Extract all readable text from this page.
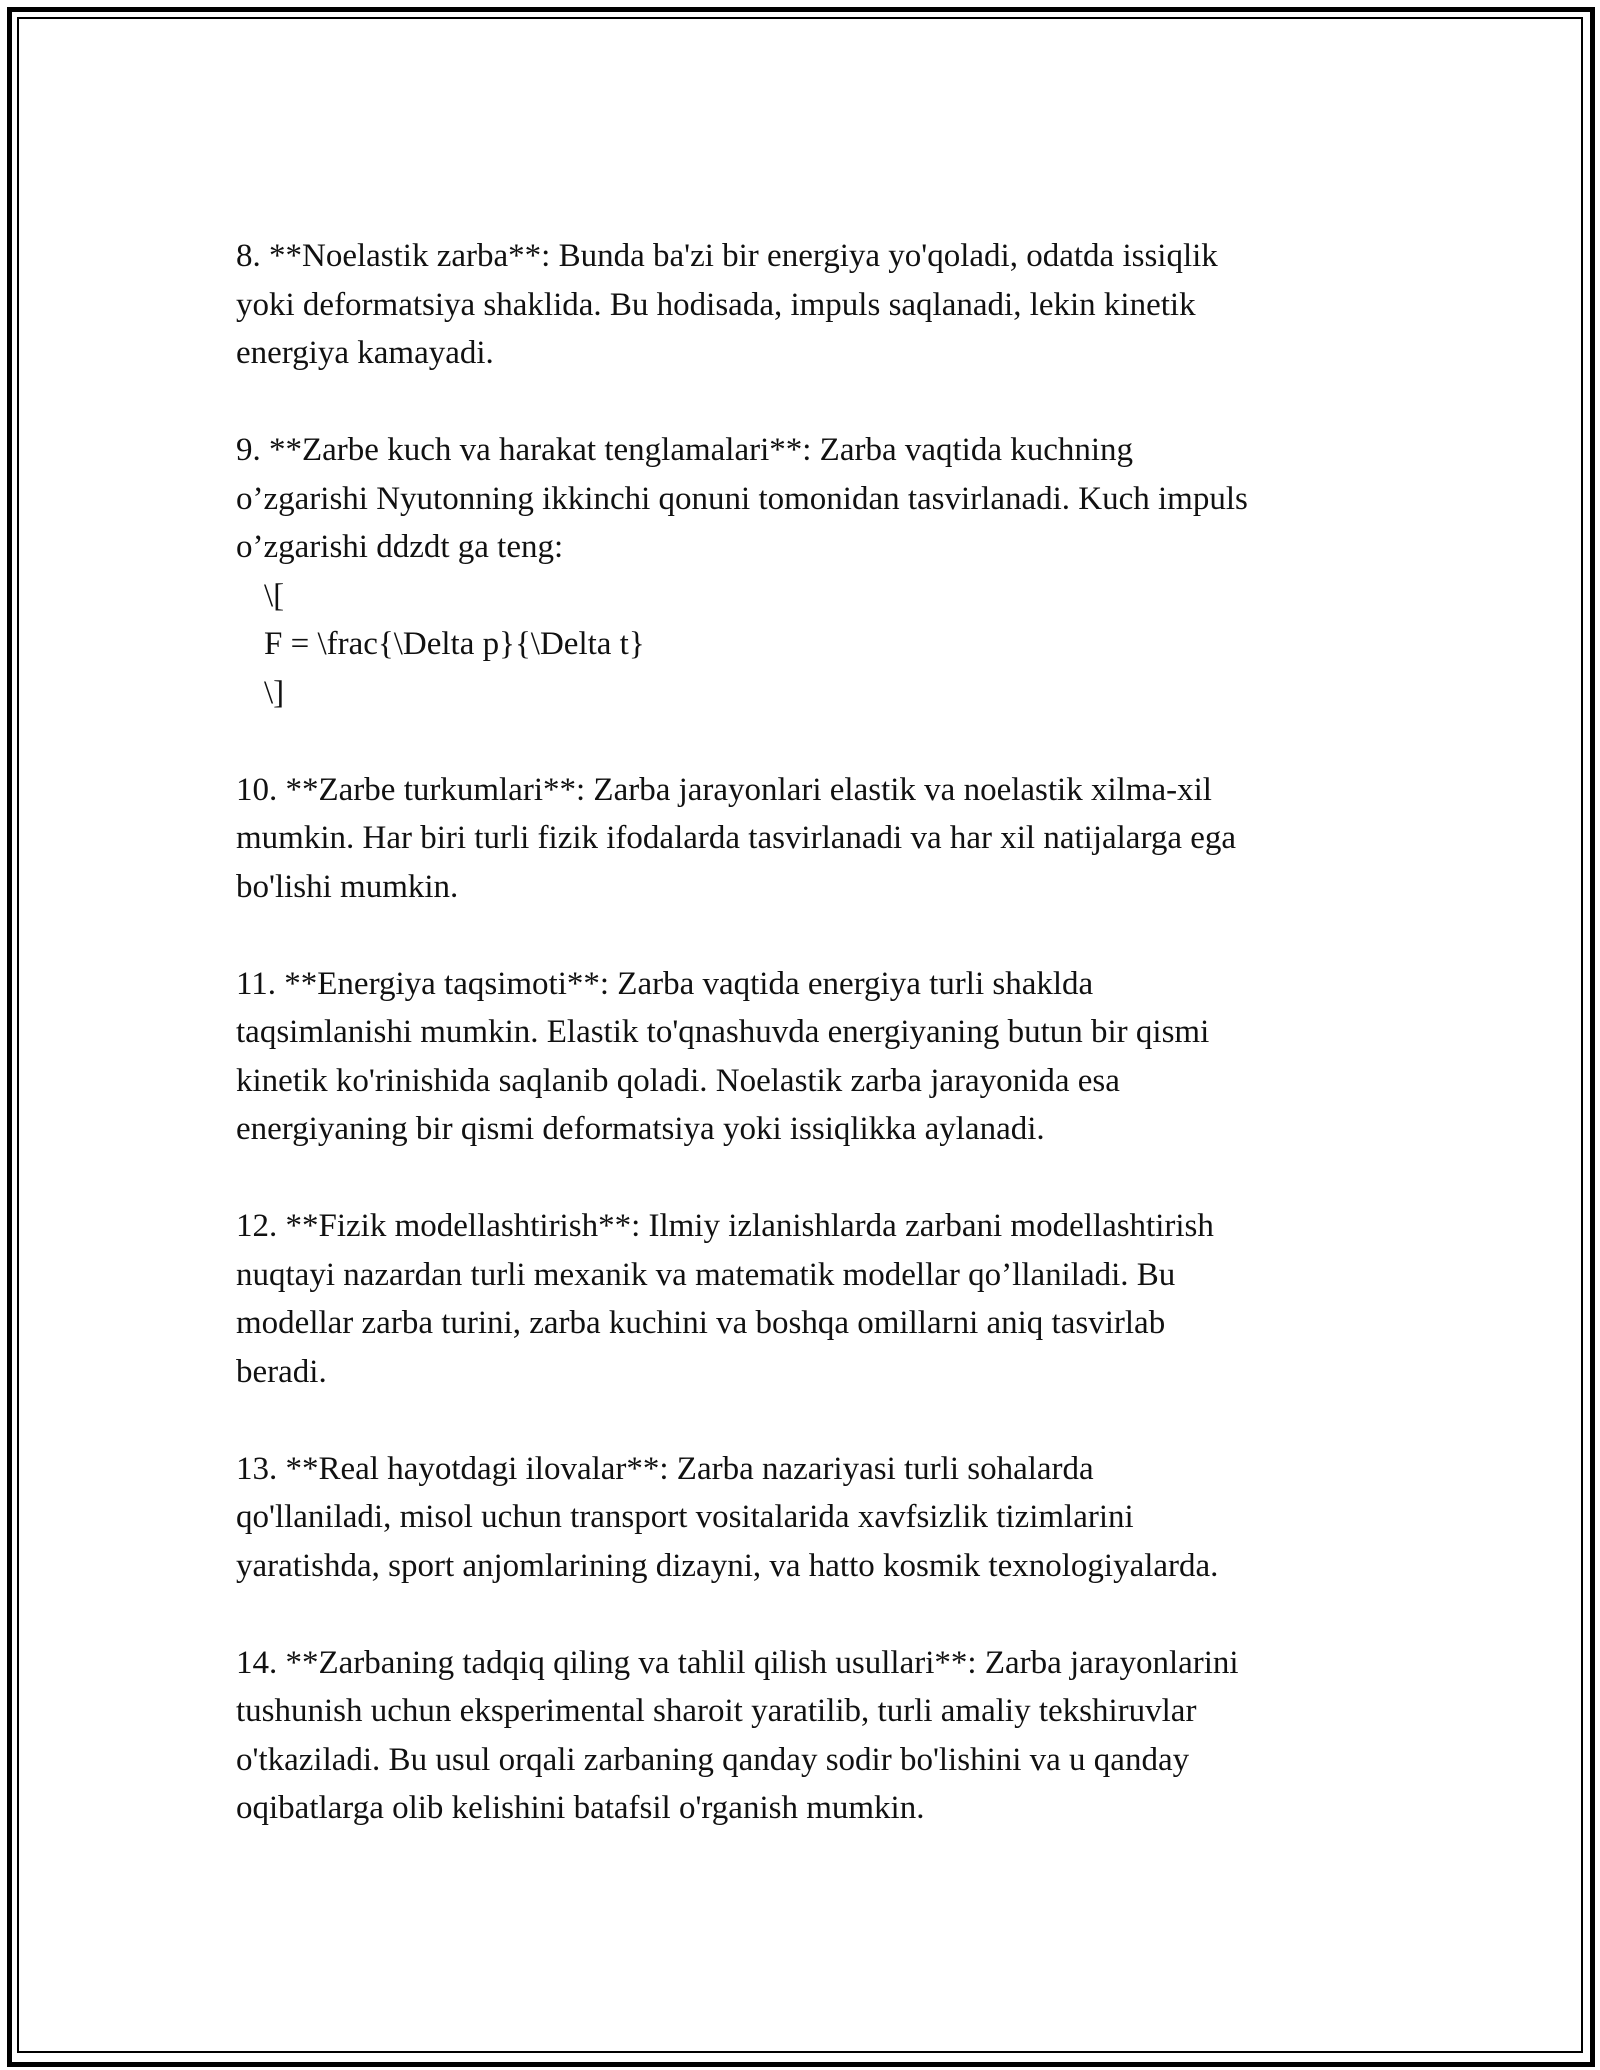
8. **Noelastik zarba**: Bunda ba'zi bir energiya yo'qoladi, odatda issiqlik
yoki deformatsiya shaklida. Bu hodisada, impuls saqlanadi, lekin kinetik
energiya kamayadi.

9. **Zarbe kuch va harakat tenglamalari**: Zarba vaqtida kuchning
o’zgarishi Nyutonning ikkinchi qonuni tomonidan tasvirlanadi. Kuch impuls
o’zgarishi ddzdt ga teng:
\[
F = \frac{\Delta p}{\Delta t}
\]

10. **Zarbe turkumlari**: Zarba jarayonlari elastik va noelastik xilma-xil
mumkin. Har biri turli fizik ifodalarda tasvirlanadi va har xil natijalarga ega
bo'lishi mumkin.

11. **Energiya taqsimoti**: Zarba vaqtida energiya turli shaklda
taqsimlanishi mumkin. Elastik to'qnashuvda energiyaning butun bir qismi
kinetik ko'rinishida saqlanib qoladi. Noelastik zarba jarayonida esa
energiyaning bir qismi deformatsiya yoki issiqlikka aylanadi.

12. **Fizik modellashtirish**: Ilmiy izlanishlarda zarbani modellashtirish
nuqtayi nazardan turli mexanik va matematik modellar qo’llaniladi. Bu
modellar zarba turini, zarba kuchini va boshqa omillarni aniq tasvirlab
beradi.

13. **Real hayotdagi ilovalar**: Zarba nazariyasi turli sohalarda
qo'llaniladi, misol uchun transport vositalarida xavfsizlik tizimlarini
yaratishda, sport anjomlarining dizayni, va hatto kosmik texnologiyalarda.

14. **Zarbaning tadqiq qiling va tahlil qilish usullari**: Zarba jarayonlarini
tushunish uchun eksperimental sharoit yaratilib, turli amaliy tekshiruvlar
o'tkaziladi. Bu usul orqali zarbaning qanday sodir bo'lishini va u qanday
oqibatlarga olib kelishini batafsil o'rganish mumkin.
